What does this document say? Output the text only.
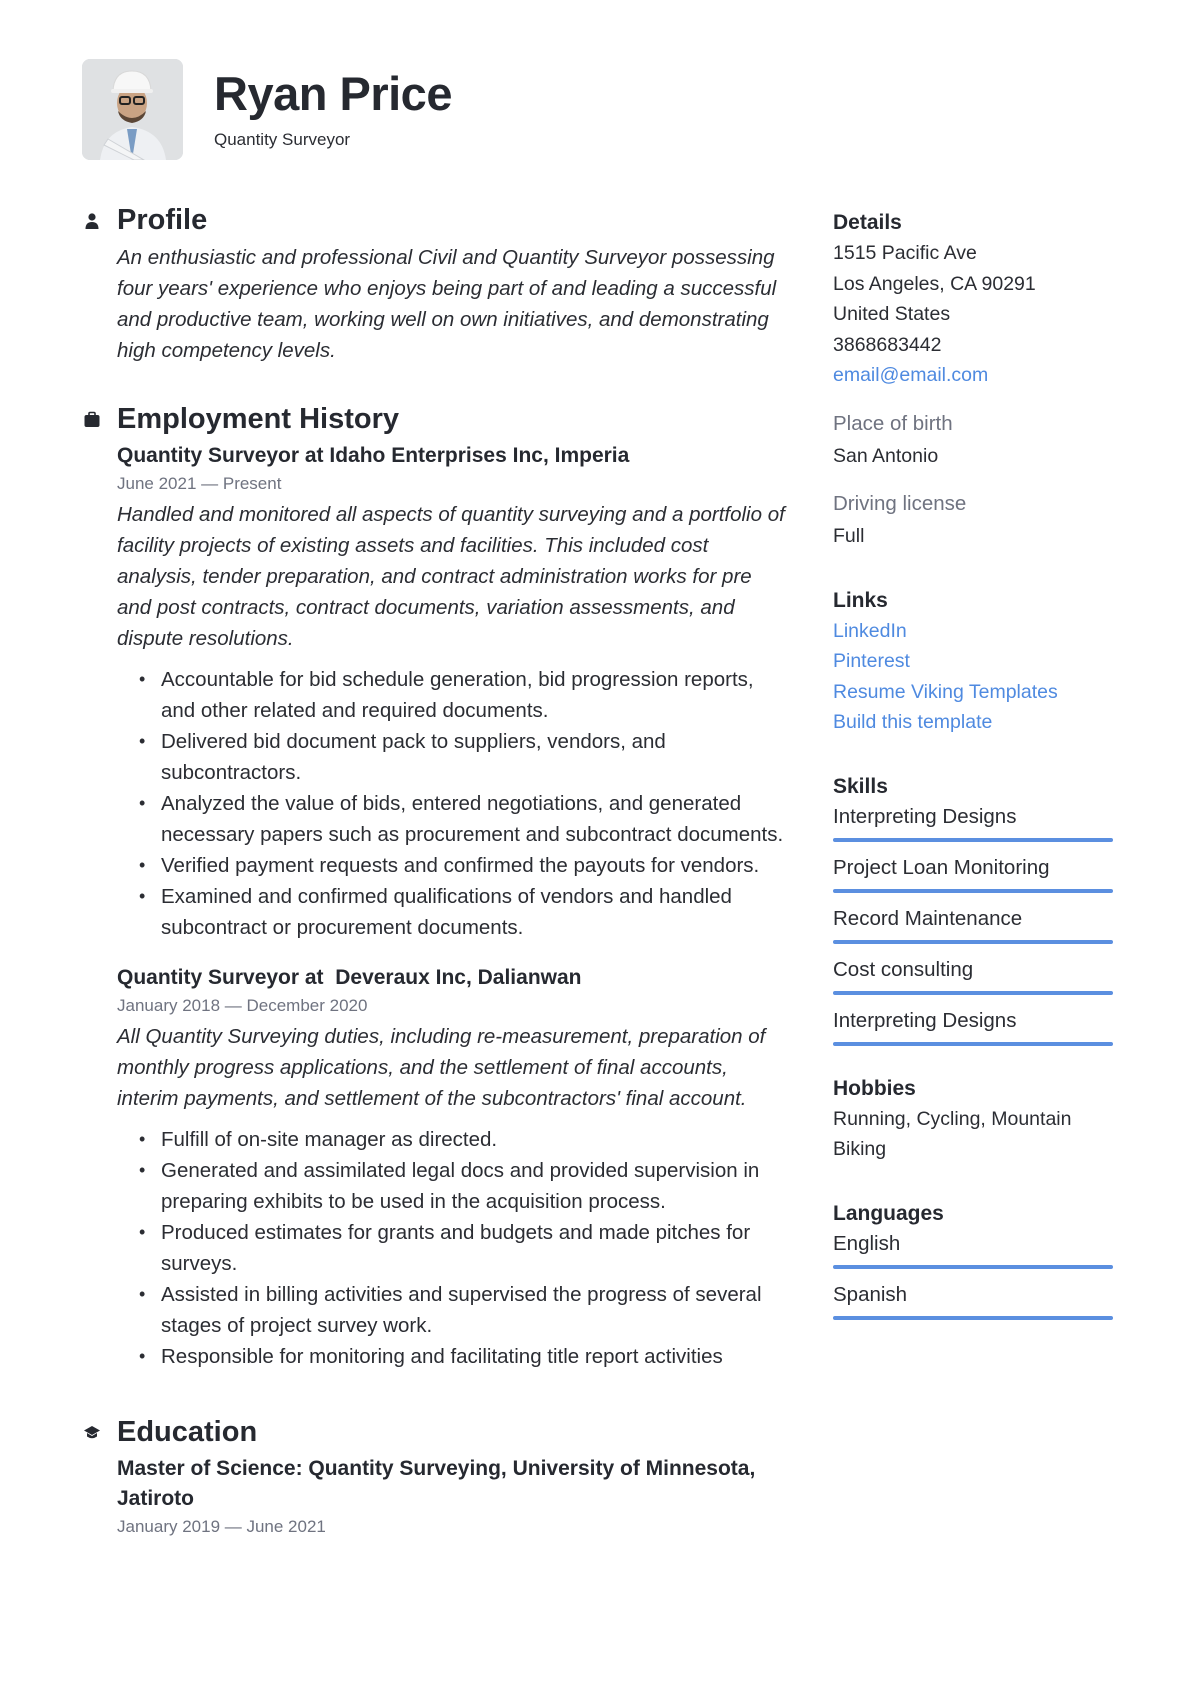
Ryan Price
Quantity Surveyor
Profile

An enthusiastic and professional Civil and Quantity Surveyor possessing four years' experience who enjoys being part of and leading a successful and productive team, working well on own initiatives, and demonstrating high competency levels.

Employment History

Quantity Surveyor at Idaho Enterprises Inc, Imperia

June 2021 — Present

Handled and monitored all aspects of quantity surveying and a portfolio of facility projects of existing assets and facilities. This included cost analysis, tender preparation, and contract administration works for pre and post contracts, contract documents, variation assessments, and dispute resolutions.

• Accountable for bid schedule generation, bid progression reports, and other related and required documents.
• Delivered bid document pack to suppliers, vendors, and subcontractors.
• Analyzed the value of bids, entered negotiations, and generated necessary papers such as procurement and subcontract documents.
• Verified payment requests and confirmed the payouts for vendors.
• Examined and confirmed qualifications of vendors and handled subcontract or procurement documents.

Quantity Surveyor at  Deveraux Inc, Dalianwan

January 2018 — December 2020

All Quantity Surveying duties, including re-measurement, preparation of monthly progress applications, and the settlement of final accounts, interim payments, and settlement of the subcontractors' final account.

• Fulfill of on-site manager as directed.
• Generated and assimilated legal docs and provided supervision in preparing exhibits to be used in the acquisition process.
• Produced estimates for grants and budgets and made pitches for surveys.
• Assisted in billing activities and supervised the progress of several stages of project survey work.
• Responsible for monitoring and facilitating title report activities
Education

Master of Science: Quantity Surveying, University of Minnesota, Jatiroto

January 2019 — June 2021

Details

1515 Pacific Ave

Los Angeles, CA 90291

United States

3868683442

email@email.com

Place of birth

San Antonio

Driving license

Full

Links

LinkedIn
Pinterest
Resume Viking Templates
Build this template

Skills

Interpreting Designs
Project Loan Monitoring
Record Maintenance
Cost consulting
Interpreting Designs

Hobbies

Running, Cycling, Mountain Biking

Languages

English
Spanish
